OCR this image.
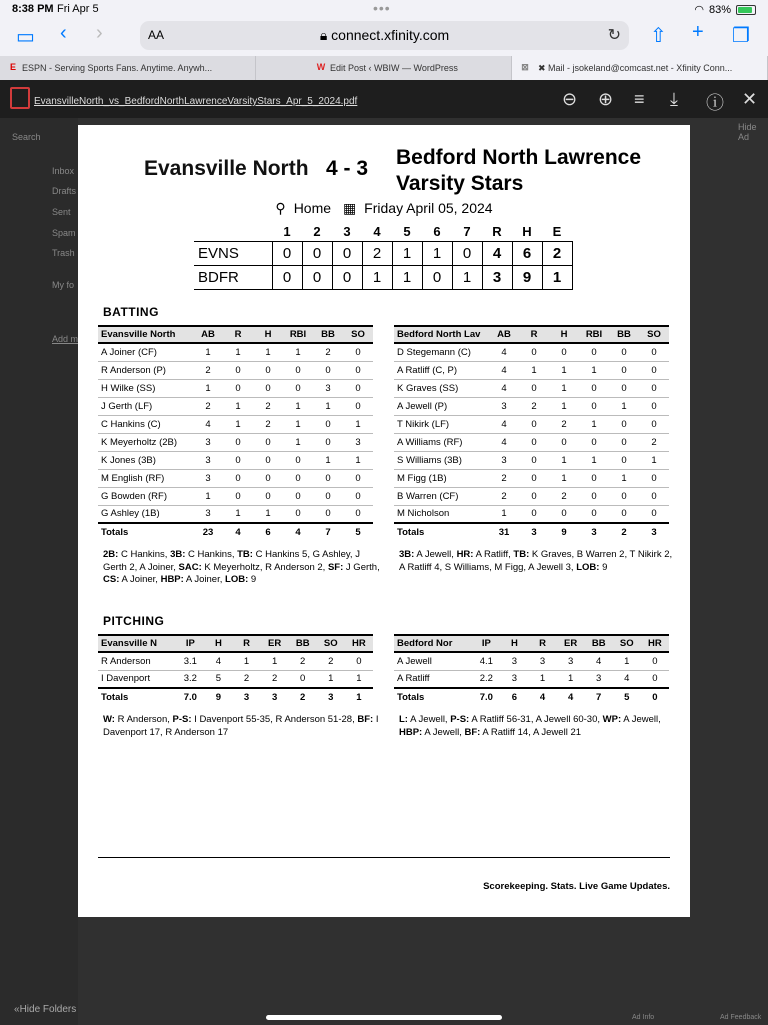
8:38 PM Fri Apr 5	•••	◠ 83%
▭ ‹ ›	AA	🔒︎ connect.xfinity.com	↻ ⇧ + ❐
E ESPN - Serving Sports Fans. Anytime. Anywh...	W Edit Post ‹ WBIW — WordPress	⊠ ✖ Mail - jsokeland@comcast.net - Xfinity Conn...
EvansvilleNorth_vs_BedfordNorthLawrenceVarsityStars_Apr_5_2024.pdf	⊖ ⊕ ≡ ⤓ ⓘ ✕
Search
Inbox
Drafts
Sent
Spam
Trash
My fo
Add m
Hide Ad
Ad Info	Ad Feedback
«Hide Folders
Evansville North 4 - 3 Bedford North Lawrence Varsity Stars
⚲ Home ▦ Friday April 05, 2024
	1	2	3	4	5	6	7	R	H	E
EVNS	0	0	0	2	1	1	0	4	6	2
BDFR	0	0	0	1	1	0	1	3	9	1
BATTING
Evansville North	AB	R	H	RBI	BB	SO
A Joiner (CF)	1	1	1	1	2	0
R Anderson (P)	2	0	0	0	0	0
H Wilke (SS)	1	0	0	0	3	0
J Gerth (LF)	2	1	2	1	1	0
C Hankins (C)	4	1	2	1	0	1
K Meyerholtz (2B)	3	0	0	1	0	3
K Jones (3B)	3	0	0	0	1	1
M English (RF)	3	0	0	0	0	0
G Bowden (RF)	1	0	0	0	0	0
G Ashley (1B)	3	1	1	0	0	0
Totals	23	4	6	4	7	5
Bedford North Lav	AB	R	H	RBI	BB	SO
D Stegemann (C)	4	0	0	0	0	0
A Ratliff (C, P)	4	1	1	1	0	0
K Graves (SS)	4	0	1	0	0	0
A Jewell (P)	3	2	1	0	1	0
T Nikirk (LF)	4	0	2	1	0	0
A Williams (RF)	4	0	0	0	0	2
S Williams (3B)	3	0	1	1	0	1
M Figg (1B)	2	0	1	0	1	0
B Warren (CF)	2	0	2	0	0	0
M Nicholson	1	0	0	0	0	0
Totals	31	3	9	3	2	3
2B: C Hankins, 3B: C Hankins, TB: C Hankins 5, G Ashley, J Gerth 2, A Joiner, SAC: K Meyerholtz, R Anderson 2, SF: J Gerth, CS: A Joiner, HBP: A Joiner, LOB: 9
3B: A Jewell, HR: A Ratliff, TB: K Graves, B Warren 2, T Nikirk 2, A Ratliff 4, S Williams, M Figg, A Jewell 3, LOB: 9
PITCHING
Evansville N​	IP	H	R	ER	BB	SO	HR
R Anderson	3.1	4	1	1	2	2	0
I Davenport	3.2	5	2	2	0	1	1
Totals	7.0	9	3	3	2	3	1
Bedford Nor	IP	H	R	ER	BB	SO	HR
A Jewell	4.1	3	3	3	4	1	0
A Ratliff	2.2	3	1	1	3	4	0
Totals	7.0	6	4	4	7	5	0
W: R Anderson, P-S: I Davenport 55-35, R Anderson 51-28, BF: I Davenport 17, R Anderson 17
L: A Jewell, P-S: A Ratliff 56-31, A Jewell 60-30, WP: A Jewell, HBP: A Jewell, BF: A Ratliff 14, A Jewell 21
Scorekeeping. Stats. Live Game Updates.
